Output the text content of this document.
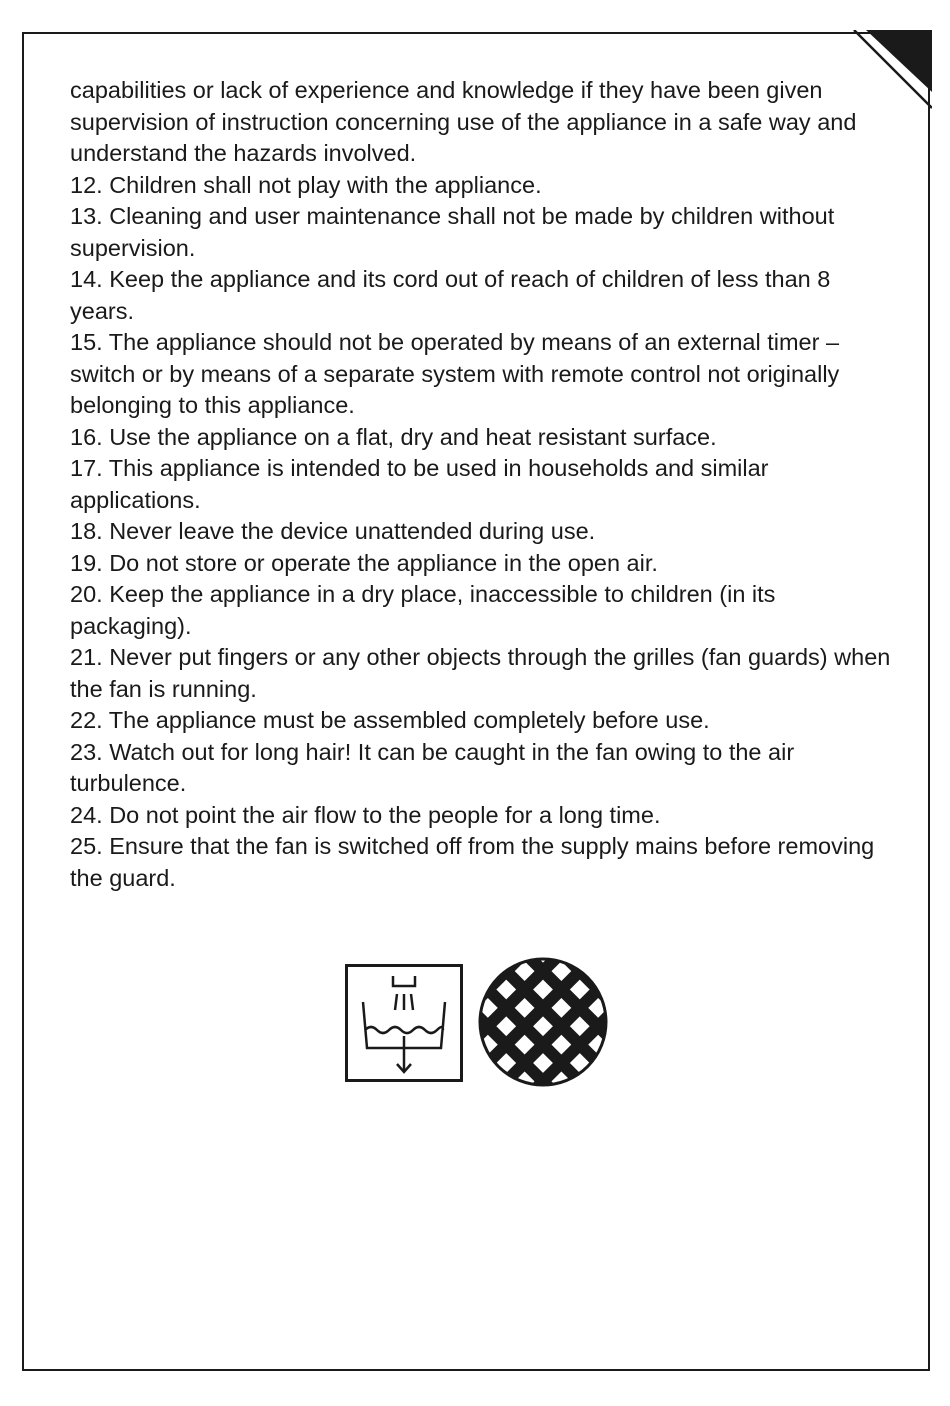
capabilities or lack of experience and knowledge if they have been given supervision of instruction concerning use of the appliance in a safe way and understand the hazards involved.

12. Children shall not play with the appliance.

13. Cleaning and user maintenance shall not be made by children without supervision.

14. Keep the appliance and its cord out of reach of children of less than 8 years.

15. The appliance should not be operated by means of an external timer – switch or by means of a separate system with remote control not originally belonging to this appliance.

16. Use the appliance on a flat, dry and heat resistant surface.

17. This appliance is intended to be used in households and similar applications.

18. Never leave the device unattended during use.

19. Do not store or operate the appliance in the open air.

20. Keep the appliance in a dry place, inaccessible to children (in its packaging).

21. Never put fingers or any other objects through the grilles (fan guards) when the fan is running.

22. The appliance must be assembled completely before use.

23. Watch out for long hair! It can be caught in the fan owing to the air turbulence.

24. Do not point the air flow to the people for a long time.

25. Ensure that the fan is switched off from the supply mains before removing the guard.
